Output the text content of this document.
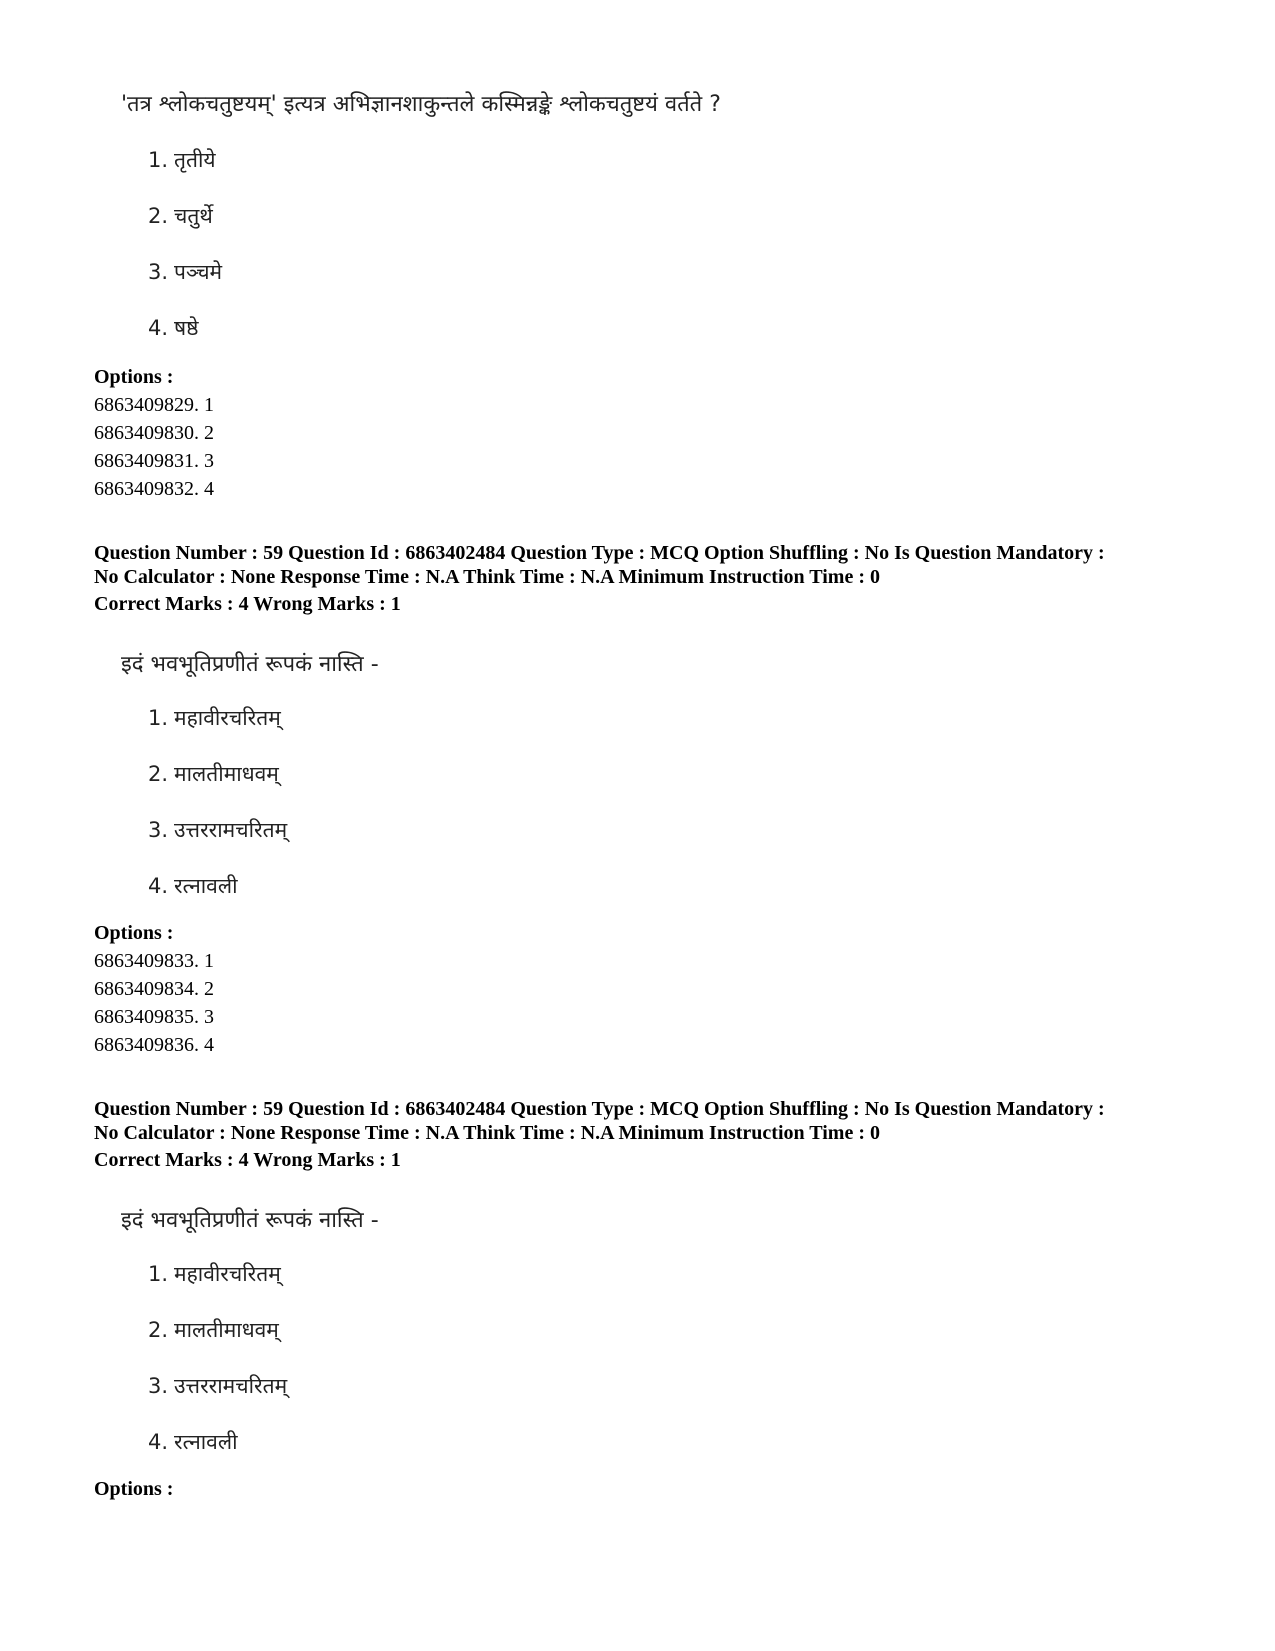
'तत्र श्लोकचतुष्टयम्' इत्यत्र अभिज्ञानशाकुन्तले कस्मिन्नङ्के श्लोकचतुष्टयं वर्तते ?
1. तृतीये
2. चतुर्थे
3. पञ्चमे
4. षष्ठे
Options :
6863409829. 1
6863409830. 2
6863409831. 3
6863409832. 4
Question Number : 59 Question Id : 6863402484 Question Type : MCQ Option Shuffling : No Is Question Mandatory :
No Calculator : None Response Time : N.A Think Time : N.A Minimum Instruction Time : 0
Correct Marks : 4 Wrong Marks : 1
इदं भवभूतिप्रणीतं रूपकं नास्ति -
1. महावीरचरितम्
2. मालतीमाधवम्
3. उत्तररामचरितम्
4. रत्नावली
Options :
6863409833. 1
6863409834. 2
6863409835. 3
6863409836. 4
Question Number : 59 Question Id : 6863402484 Question Type : MCQ Option Shuffling : No Is Question Mandatory :
No Calculator : None Response Time : N.A Think Time : N.A Minimum Instruction Time : 0
Correct Marks : 4 Wrong Marks : 1
इदं भवभूतिप्रणीतं रूपकं नास्ति -
1. महावीरचरितम्
2. मालतीमाधवम्
3. उत्तररामचरितम्
4. रत्नावली
Options :
